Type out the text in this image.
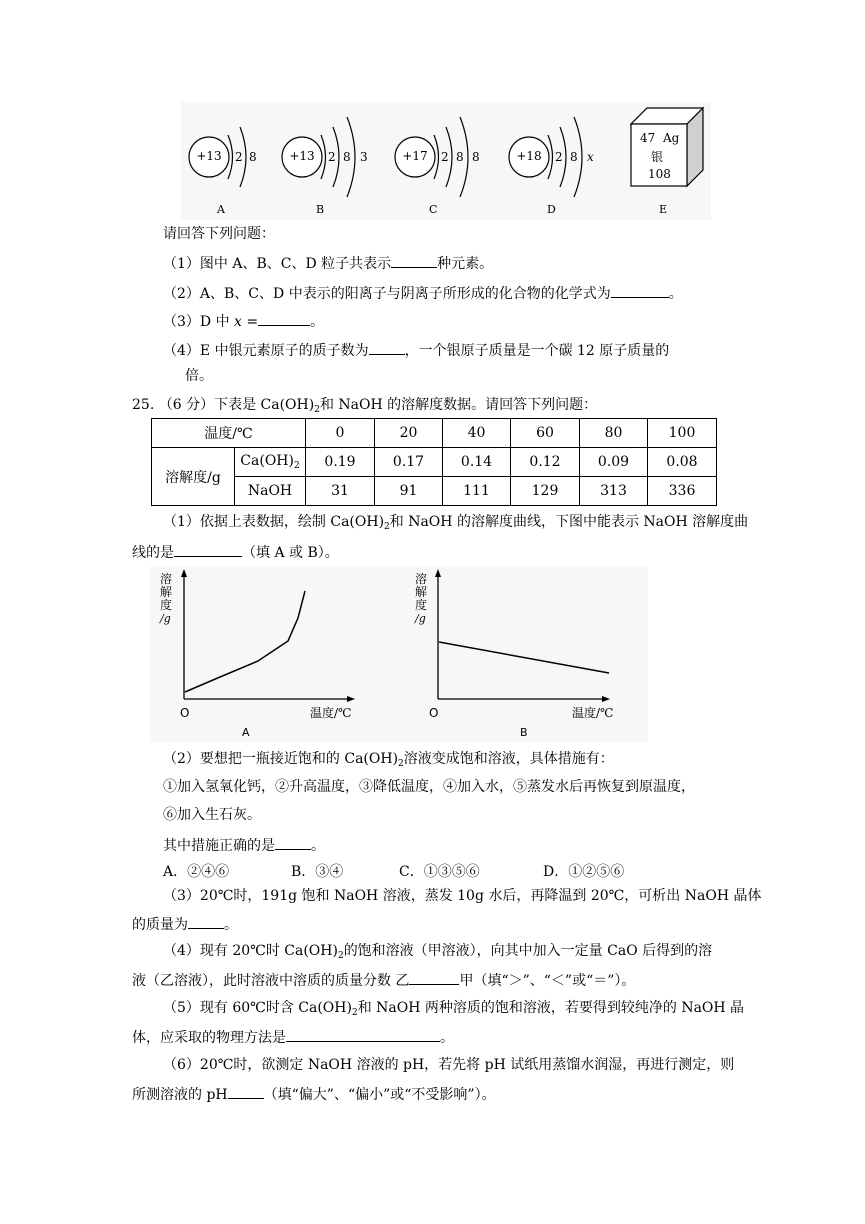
+13 2 8
A
+13 2 8 3
B
+17 2 8 8
C
+18 2 8 x
D
47 Ag
银
108
E
请回答下列问题：
（1）图中 A、B、C、D 粒子共表示	种元素。
（2）A、B、C、D 中表示的阳离子与阴离子所形成的化合物的化学式为	。
（3）D 中 x =	。
（4）E 中银元素原子的质子数为	，一个银原子质量是一个碳 12 原子质量的
倍。
25. （6 分）下表是 $Ca(OH)_2$和 NaOH 的溶解度数据。请回答下列问题：
温度/℃		0	20	40	60	80	100
溶解度/g	$Ca(OH)_2$	0.19	0.17	0.14	0.12	0.09	0.08
	NaOH	31	91	111	129	313	336
（1）依据上表数据，绘制 $Ca(OH)_2$和 NaOH 的溶解度曲线，下图中能表示 NaOH 溶解度曲
线的是	（填 A 或 B）。
溶
解
度
/g
O	温度/℃
A
溶
解
度
/g
O	温度/℃
B
（2）要想把一瓶接近饱和的 $Ca(OH)_2$溶液变成饱和溶液，具体措施有：
①加入氢氧化钙，②升高温度，③降低温度，④加入水，⑤蒸发水后再恢复到原温度，
⑥加入生石灰。
其中措施正确的是	。
A．②④⑥	B．③④	C．①③⑤⑥	D．①②⑤⑥
（3）20℃时，191g 饱和 NaOH 溶液，蒸发 10g 水后，再降温到 20℃，可析出 NaOH 晶体
的质量为	。
（4）现有 20℃时 $Ca(OH)_2$的饱和溶液（甲溶液），向其中加入一定量 CaO 后得到的溶
液（乙溶液），此时溶液中溶质的质量分数 乙	甲（填“＞”、“＜”或“＝”）。
（5）现有 60℃时含 $Ca(OH)_2$和 NaOH 两种溶质的饱和溶液，若要得到较纯净的 NaOH 晶
体，应采取的物理方法是	。
（6）20℃时，欲测定 NaOH 溶液的 pH，若先将 pH 试纸用蒸馏水润湿，再进行测定，则
所测溶液的 pH	（填“偏大”、“偏小”或“不受影响”）。
